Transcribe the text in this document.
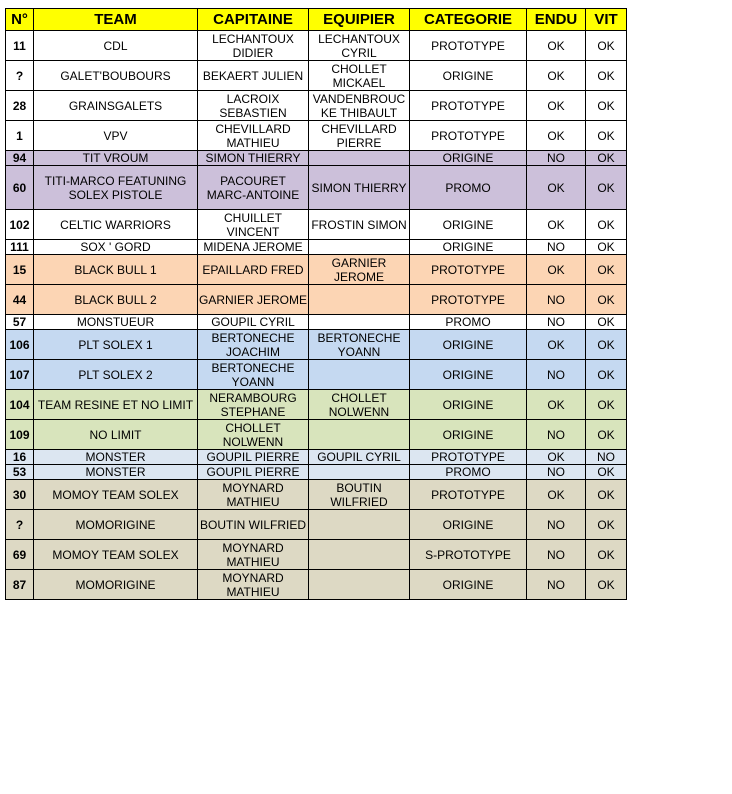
N°	TEAM	CAPITAINE	EQUIPIER	CATEGORIE	ENDU	VIT
11	CDL	LECHANTOUX DIDIER	LECHANTOUX CYRIL	PROTOTYPE	OK	OK
?	GALET'BOUBOURS	BEKAERT JULIEN	CHOLLET MICKAEL	ORIGINE	OK	OK
28	GRAINSGALETS	LACROIX SEBASTIEN	VANDENBROUCKE THIBAULT	PROTOTYPE	OK	OK
1	VPV	CHEVILLARD MATHIEU	CHEVILLARD PIERRE	PROTOTYPE	OK	OK
94	TIT VROUM	SIMON THIERRY		ORIGINE	NO	OK
60	TITI-MARCO FEATUNING SOLEX PISTOLE	PACOURET MARC-ANTOINE	SIMON THIERRY	PROMO	OK	OK
102	CELTIC WARRIORS	CHUILLET VINCENT	FROSTIN SIMON	ORIGINE	OK	OK
111	SOX ' GORD	MIDENA JEROME		ORIGINE	NO	OK
15	BLACK BULL 1	EPAILLARD FRED	GARNIER JEROME	PROTOTYPE	OK	OK
44	BLACK BULL 2	GARNIER JEROME		PROTOTYPE	NO	OK
57	MONSTUEUR	GOUPIL CYRIL		PROMO	NO	OK
106	PLT SOLEX 1	BERTONECHE JOACHIM	BERTONECHE YOANN	ORIGINE	OK	OK
107	PLT SOLEX 2	BERTONECHE YOANN		ORIGINE	NO	OK
104	TEAM RESINE ET NO LIMIT	NERAMBOURG STEPHANE	CHOLLET NOLWENN	ORIGINE	OK	OK
109	NO LIMIT	CHOLLET NOLWENN		ORIGINE	NO	OK
16	MONSTER	GOUPIL PIERRE	GOUPIL CYRIL	PROTOTYPE	OK	NO
53	MONSTER	GOUPIL PIERRE		PROMO	NO	OK
30	MOMOY TEAM SOLEX	MOYNARD MATHIEU	BOUTIN WILFRIED	PROTOTYPE	OK	OK
?	MOMORIGINE	BOUTIN WILFRIED		ORIGINE	NO	OK
69	MOMOY TEAM SOLEX	MOYNARD MATHIEU		S-PROTOTYPE	NO	OK
87	MOMORIGINE	MOYNARD MATHIEU		ORIGINE	NO	OK
